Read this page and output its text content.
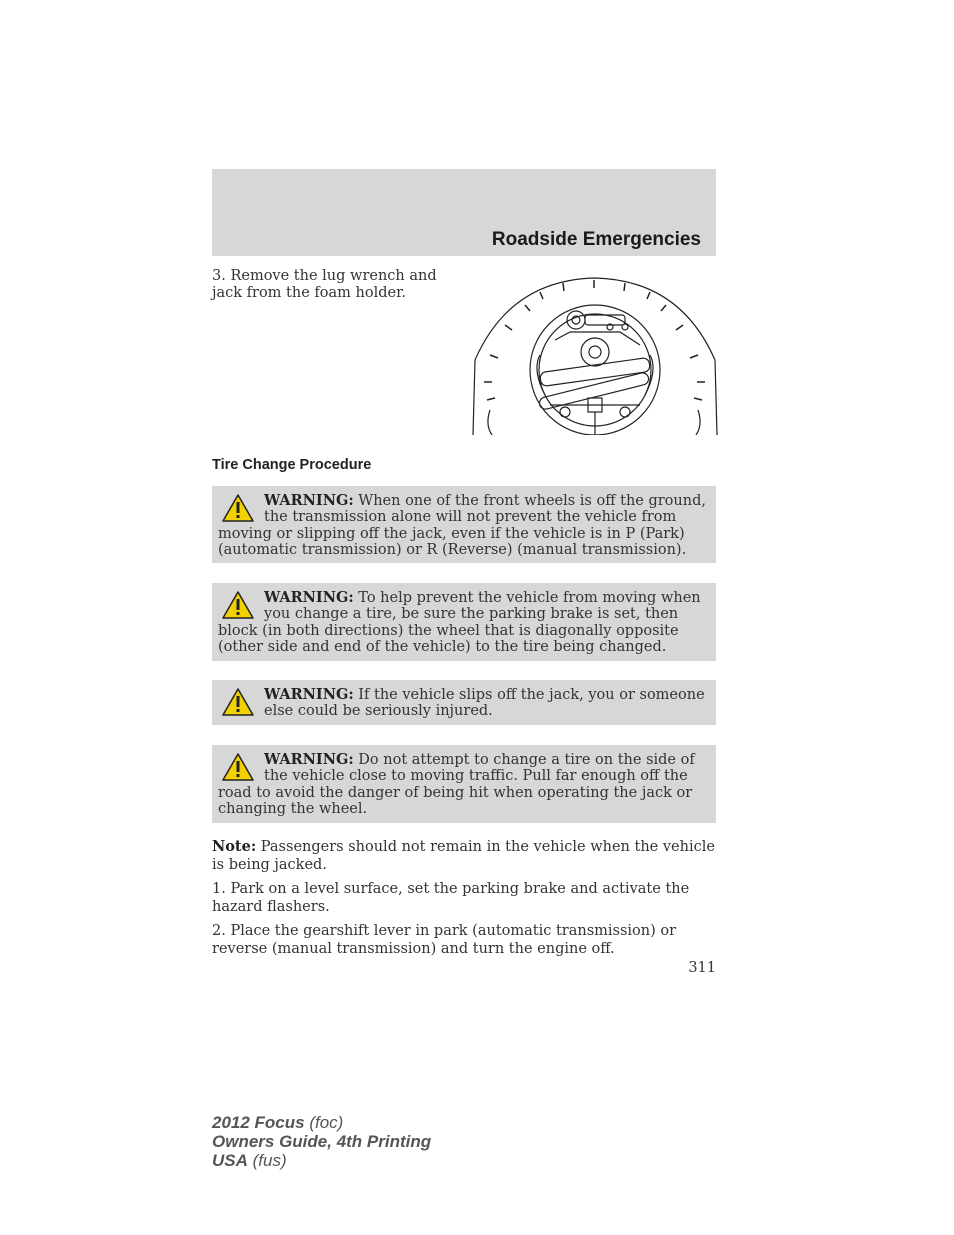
Roadside Emergencies
3. Remove the lug wrench and jack from the foam holder.
Tire Change Procedure
WARNING: When one of the front wheels is off the ground, the transmission alone will not prevent the vehicle from moving or slipping off the jack, even if the vehicle is in P (Park) (automatic transmission) or R (Reverse) (manual transmission).
WARNING: To help prevent the vehicle from moving when you change a tire, be sure the parking brake is set, then block (in both directions) the wheel that is diagonally opposite (other side and end of the vehicle) to the tire being changed.
WARNING: If the vehicle slips off the jack, you or someone else could be seriously injured.
WARNING: Do not attempt to change a tire on the side of the vehicle close to moving traffic. Pull far enough off the road to avoid the danger of being hit when operating the jack or changing the wheel.
Note: Passengers should not remain in the vehicle when the vehicle is being jacked.
1. Park on a level surface, set the parking brake and activate the hazard flashers.
2. Place the gearshift lever in park (automatic transmission) or reverse (manual transmission) and turn the engine off.
311
2012 Focus (foc)
Owners Guide, 4th Printing
USA (fus)
